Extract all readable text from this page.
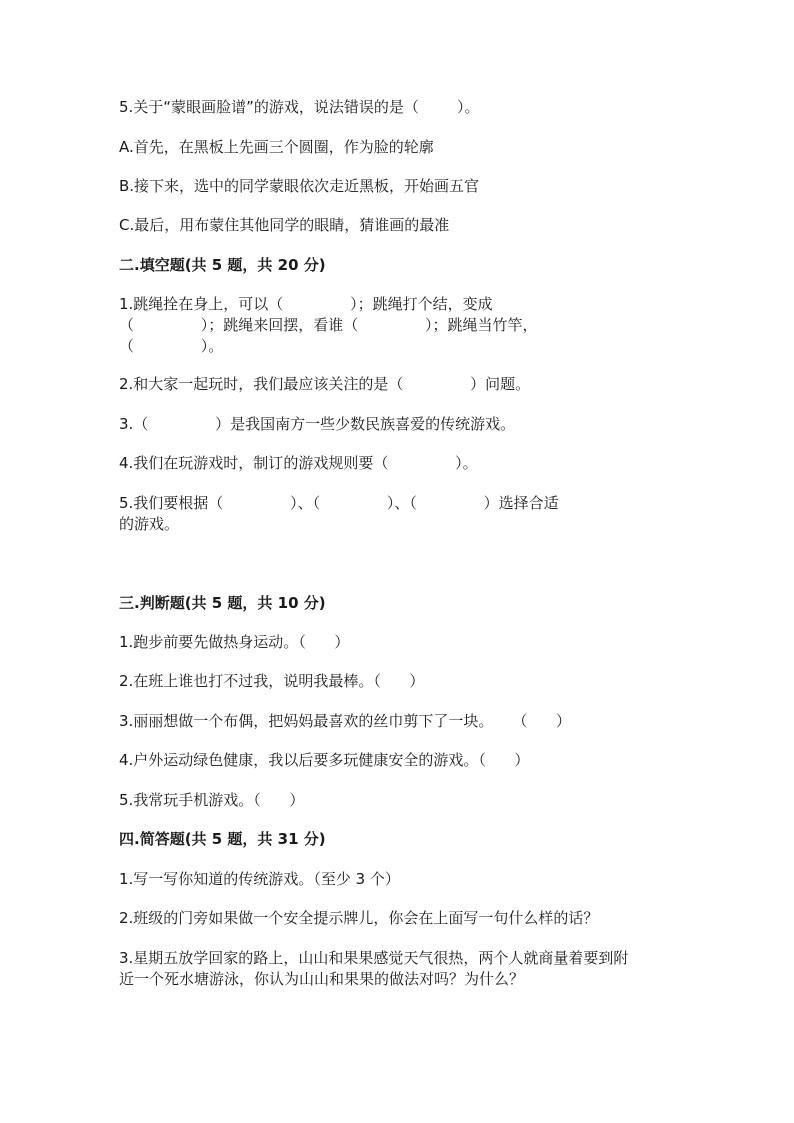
5.关于“蒙眼画脸谱”的游戏，说法错误的是（        ）。
A.首先，在黑板上先画三个圆圈，作为脸的轮廓
B.接下来，选中的同学蒙眼依次走近黑板，开始画五官
C.最后，用布蒙住其他同学的眼睛，猜谁画的最准
二.填空题(共 5 题，共 20 分)
1.跳绳拴在身上，可以（              ）；跳绳打个结，变成
（              ）；跳绳来回摆，看谁（              ）；跳绳当竹竿，
（              ）。
2.和大家一起玩时，我们最应该关注的是（              ）问题。
3.（              ）是我国南方一些少数民族喜爱的传统游戏。
4.我们在玩游戏时，制订的游戏规则要（              ）。
5.我们要根据（              ）、（              ）、（              ）选择合适
的游戏。
三.判断题(共 5 题，共 10 分)
1.跑步前要先做热身运动。（      ）
2.在班上谁也打不过我，说明我最棒。（      ）
3.丽丽想做一个布偶，把妈妈最喜欢的丝巾剪下了一块。    （      ）
4.户外运动绿色健康，我以后要多玩健康安全的游戏。（      ）
5.我常玩手机游戏。（      ）
四.简答题(共 5 题，共 31 分)
1.写一写你知道的传统游戏。（至少 3 个）
2.班级的门旁如果做一个安全提示牌儿，你会在上面写一句什么样的话？
3.星期五放学回家的路上，山山和果果感觉天气很热，两个人就商量着要到附
近一个死水塘游泳，你认为山山和果果的做法对吗？为什么？
